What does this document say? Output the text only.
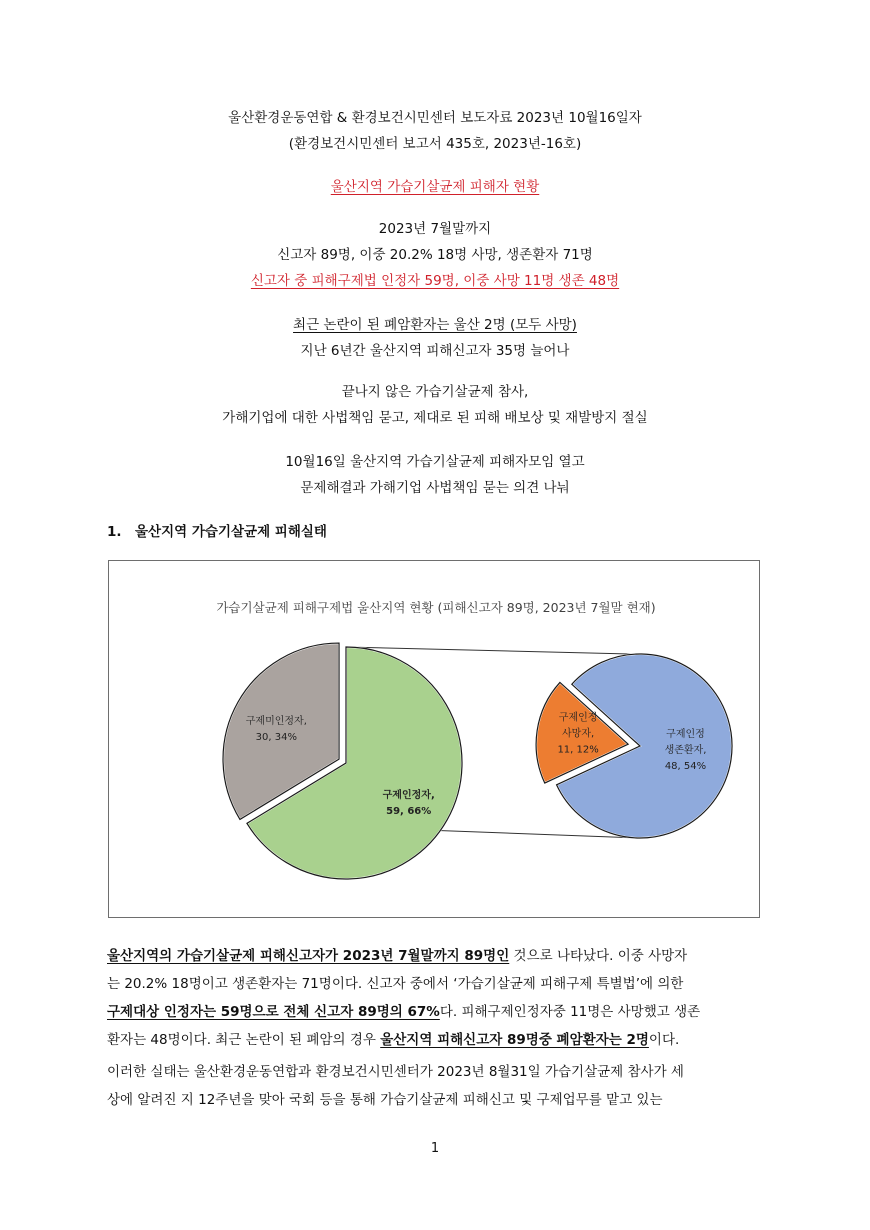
울산환경운동연합 & 환경보건시민센터 보도자료 2023년 10월16일자
(환경보건시민센터 보고서 435호, 2023년-16호)
울산지역 가습기살균제 피해자 현황
2023년 7월말까지
신고자 89명, 이중 20.2% 18명 사망, 생존환자 71명
신고자 중 피해구제법 인정자 59명, 이중 사망 11명 생존 48명
최근 논란이 된 폐암환자는 울산 2명 (모두 사망)
지난 6년간 울산지역 피해신고자 35명 늘어나
끝나지 않은 가습기살균제 참사,
가해기업에 대한 사법책임 묻고, 제대로 된 피해 배보상 및 재발방지 절실
10월16일 울산지역 가습기살균제 피해자모임 열고
문제해결과 가해기업 사법책임 묻는 의견 나눠
1. 울산지역 가습기살균제 피해실태
가습기살균제 피해구제법 울산지역 현황 (피해신고자 89명, 2023년 7월말 현재)
구제인정자, 59, 66%
구제미인정자, 30, 34%	구제인정 생존환자, 48, 54%
구제인정 사망자, 11, 12%
울산지역의 가습기살균제 피해신고자가 2023년 7월말까지 89명인 것으로 나타났다. 이중 사망자
는 20.2% 18명이고 생존환자는 71명이다. 신고자 중에서 ‘가습기살균제 피해구제 특별법’에 의한
구제대상 인정자는 59명으로 전체 신고자 89명의 67%다. 피해구제인정자중 11명은 사망했고 생존
환자는 48명이다. 최근 논란이 된 폐암의 경우 울산지역 피해신고자 89명중 폐암환자는 2명이다.
이러한 실태는 울산환경운동연합과 환경보건시민센터가 2023년 8월31일 가습기살균제 참사가 세
상에 알려진 지 12주년을 맞아 국회 등을 통해 가습기살균제 피해신고 및 구제업무를 맡고 있는
1
